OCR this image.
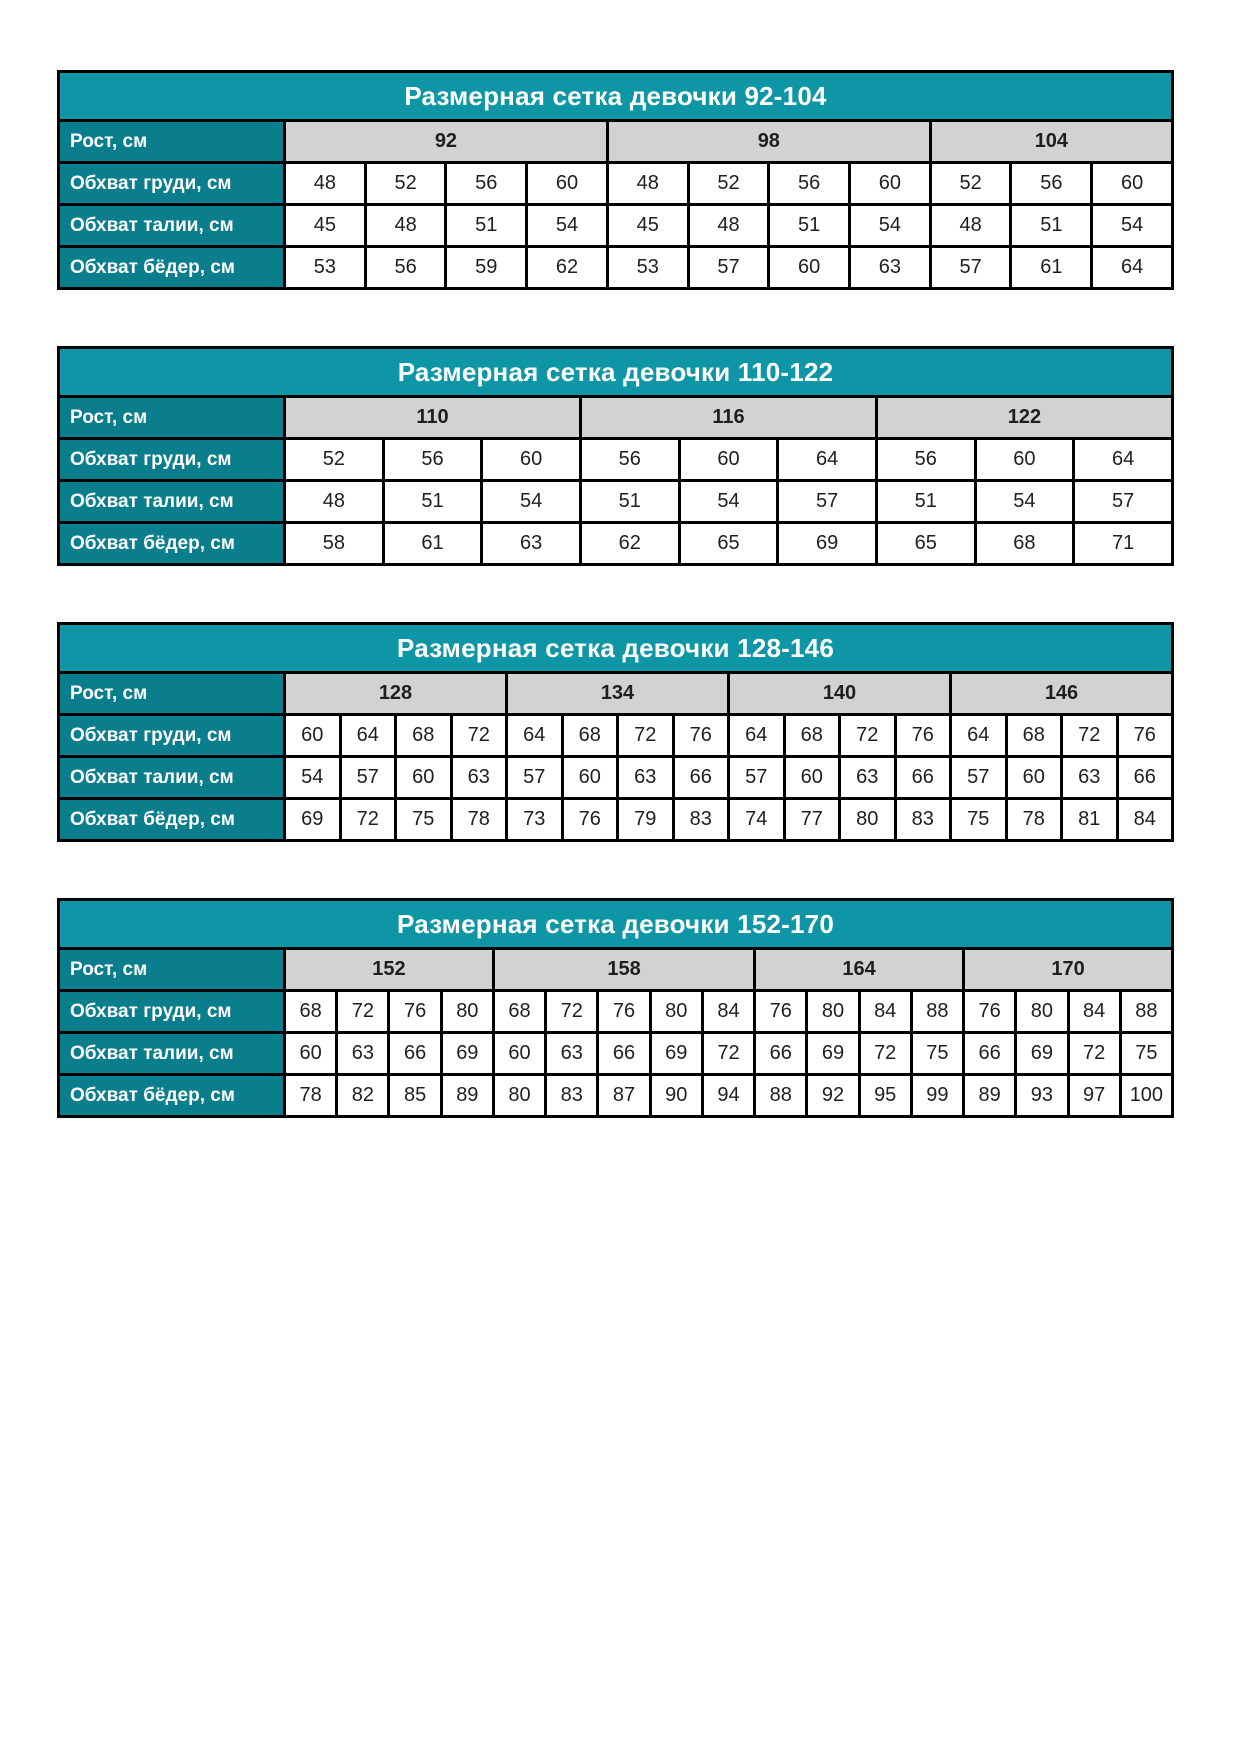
Размерная сетка девочки 92-104											
Рост, см	92				98				104		
Обхват груди, см	48	52	56	60	48	52	56	60	52	56	60
Обхват талии, см	45	48	51	54	45	48	51	54	48	51	54
Обхват бёдер, см	53	56	59	62	53	57	60	63	57	61	64
Размерная сетка девочки 110-122									
Рост, см	110			116			122		
Обхват груди, см	52	56	60	56	60	64	56	60	64
Обхват талии, см	48	51	54	51	54	57	51	54	57
Обхват бёдер, см	58	61	63	62	65	69	65	68	71
Размерная сетка девочки 128-146																
Рост, см	128				134				140				146			
Обхват груди, см	60	64	68	72	64	68	72	76	64	68	72	76	64	68	72	76
Обхват талии, см	54	57	60	63	57	60	63	66	57	60	63	66	57	60	63	66
Обхват бёдер, см	69	72	75	78	73	76	79	83	74	77	80	83	75	78	81	84
Размерная сетка девочки 152-170																	
Рост, см	152				158					164				170			
Обхват груди, см	68	72	76	80	68	72	76	80	84	76	80	84	88	76	80	84	88
Обхват талии, см	60	63	66	69	60	63	66	69	72	66	69	72	75	66	69	72	75
Обхват бёдер, см	78	82	85	89	80	83	87	90	94	88	92	95	99	89	93	97	100
